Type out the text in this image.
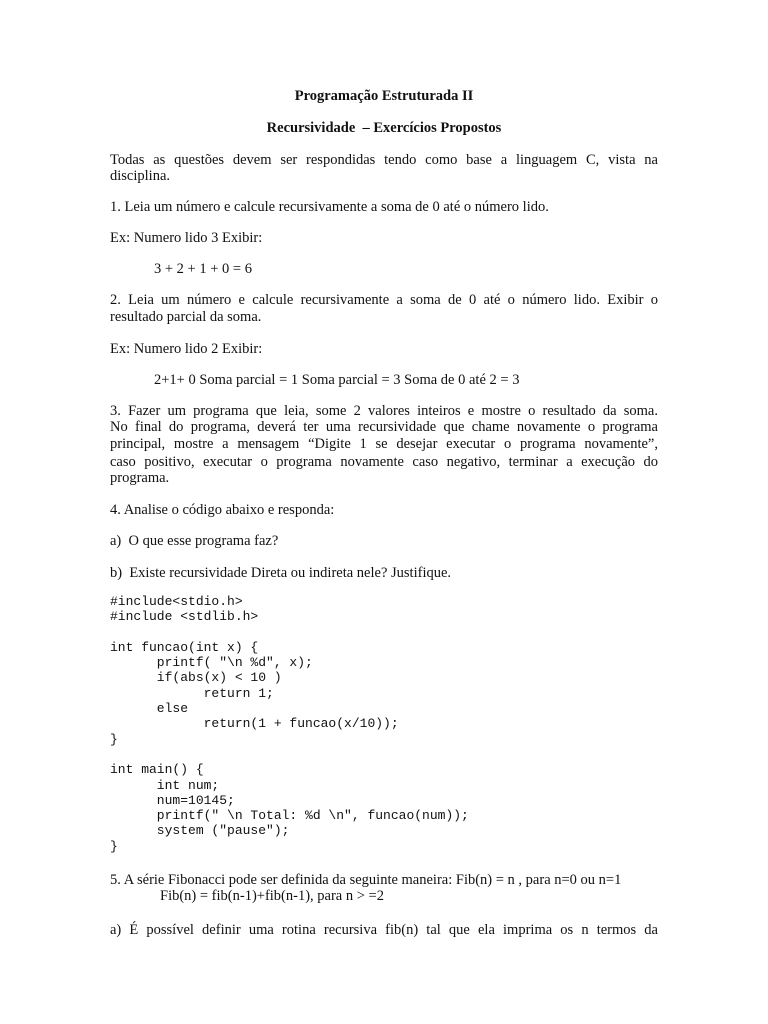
Programação Estruturada II
Recursividade  – Exercícios Propostos
Todas as questões devem ser respondidas tendo como base a linguagem C, vista na
disciplina.
1. Leia um número e calcule recursivamente a soma de 0 até o número lido.
Ex: Numero lido 3 Exibir:
3 + 2 + 1 + 0 = 6
2. Leia um número e calcule recursivamente a soma de 0 até o número lido. Exibir o
resultado parcial da soma.
Ex: Numero lido 2 Exibir:
2+1+ 0 Soma parcial = 1 Soma parcial = 3 Soma de 0 até 2 = 3
3. Fazer um programa que leia, some 2 valores inteiros e mostre o resultado da soma.
No final do programa, deverá ter uma recursividade que chame novamente o programa
principal, mostre a mensagem “Digite 1 se desejar executar o programa novamente”,
caso positivo, executar o programa novamente caso negativo, terminar a execução do
programa.
4. Analise o código abaixo e responda:
a)  O que esse programa faz?
b)  Existe recursividade Direta ou indireta nele? Justifique.
#include<stdio.h>
#include <stdlib.h>

int funcao(int x) {
printf( "\n %d", x);
if(abs(x) < 10 )
return 1;
else
return(1 + funcao(x/10));
}

int main() {
int num;
num=10145;
printf(" \n Total: %d \n", funcao(num));
system ("pause");
}
5. A série Fibonacci pode ser definida da seguinte maneira: Fib(n) = n , para n=0 ou n=1
Fib(n) = fib(n-1)+fib(n-1), para n > =2
a) É possível definir uma rotina recursiva fib(n) tal que ela imprima os n termos da
